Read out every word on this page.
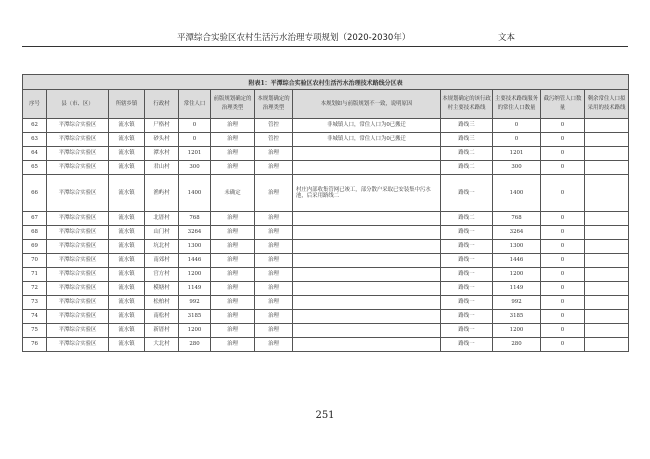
平潭综合实验区农村生活污水治理专项规划（2020-2030年）	文本
附表1：平潭综合实验区农村生活污水治理技术路线分区表											
序号	县（市、区）	所辖乡镇	行政村	常住人口	前版规划确定的治理类型	本规划确定的治理类型	本规划如与前版规划不一致，说明原因	本规划确定的该行政村主要技术路线	主要技术路线服务的常住人口数量	截污纳管人口数量	剩余常住人口拟采用的技术路线
62	平潭综合实验区	流水镇	尸格村	0	治理	管控	非城镇人口，常住人口为0已搬迁	路线三	0	0	
63	平潭综合实验区	流水镇	砂头村	0	治理	管控	非城镇人口，常住人口为0已搬迁	路线三	0	0	
64	平潭综合实验区	流水镇	潭水村	1201	治理	治理		路线二	1201	0	
65	平潭综合实验区	流水镇	君山村	300	治理	治理		路线二	300	0	
66	平潭综合实验区	流水镇	渔屿村	1400	未确定	治理	村庄内部收集管网已竣工，部分散户采取已安装集中污水池，后采用路线二	路线一	1400	0	
67	平潭综合实验区	流水镇	北厝村	768	治理	治理		路线二	768	0	
68	平潭综合实验区	流水镇	山门村	3264	治理	治理		路线一	3264	0	
69	平潭综合实验区	流水镇	坑北村	1300	治理	治理		路线一	1300	0	
70	平潭综合实验区	流水镇	南郊村	1446	治理	治理		路线一	1446	0	
71	平潭综合实验区	流水镇	官方村	1200	治理	治理		路线一	1200	0	
72	平潭综合实验区	流水镇	模塘村	1149	治理	治理		路线一	1149	0	
73	平潭综合实验区	流水镇	松柏村	992	治理	治理		路线一	992	0	
74	平潭综合实验区	流水镇	南松村	3185	治理	治理		路线一	3185	0	
75	平潭综合实验区	流水镇	新厝村	1200	治理	治理		路线一	1200	0	
76	平潭综合实验区	流水镇	大北村	280	治理	治理		路线一	280	0	
251
